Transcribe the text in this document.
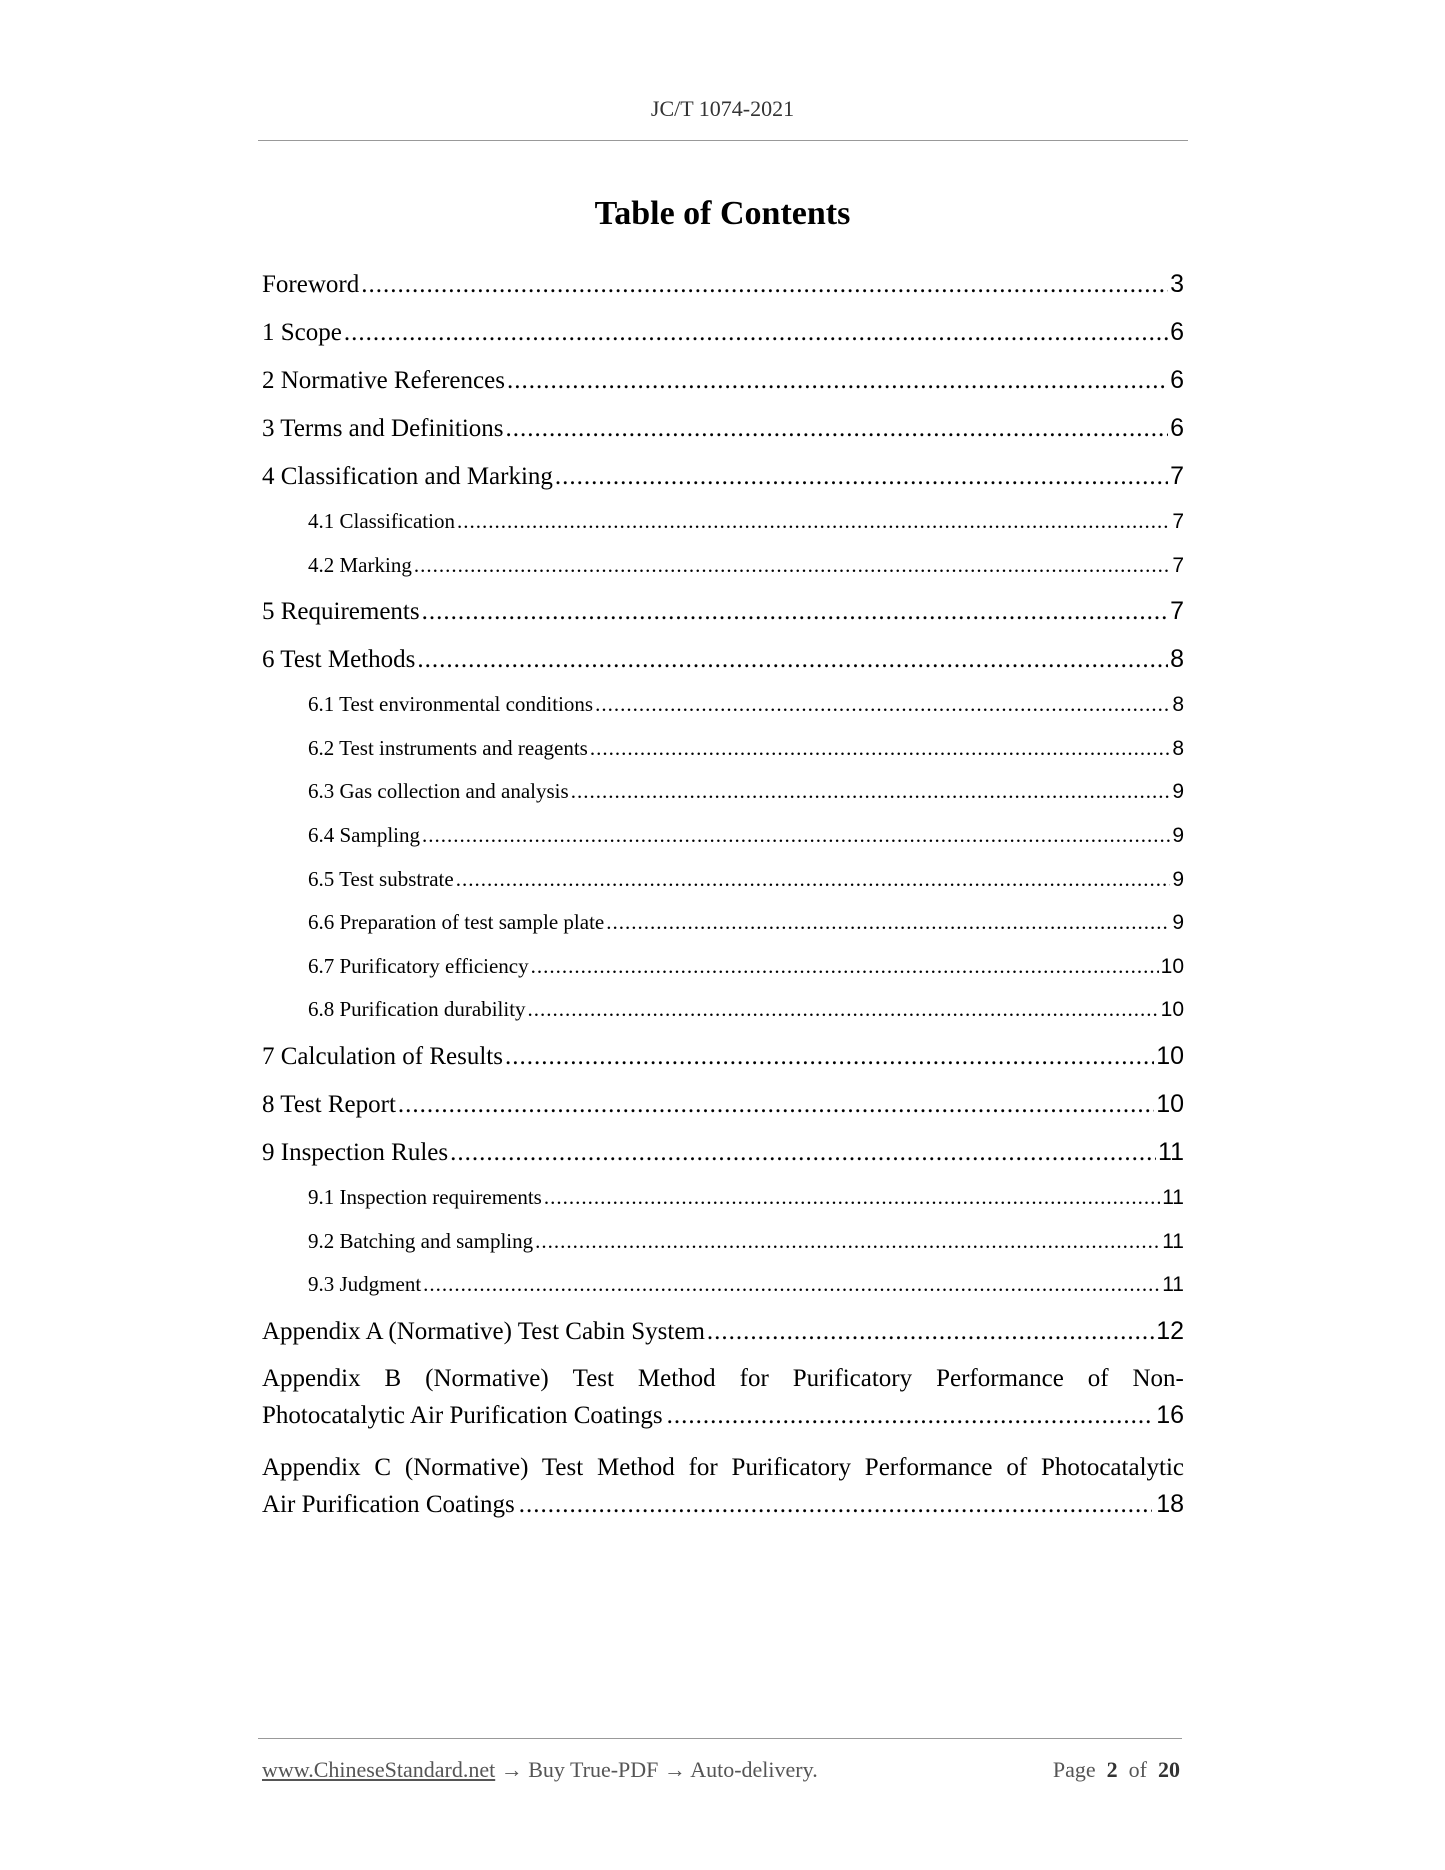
JC/T 1074-2021
Table of Contents
Foreword .....	3
1 Scope .....	6
2 Normative References .....	6
3 Terms and Definitions .....	6
4 Classification and Marking .....	7
4.1 Classification .....	7
4.2 Marking .....	7
5 Requirements .....	7
6 Test Methods .....	8
6.1 Test environmental conditions .....	8
6.2 Test instruments and reagents .....	8
6.3 Gas collection and analysis .....	9
6.4 Sampling .....	9
6.5 Test substrate .....	9
6.6 Preparation of test sample plate .....	9
6.7 Purificatory efficiency .....	10
6.8 Purification durability .....	10
7 Calculation of Results .....	10
8 Test Report .....	10
9 Inspection Rules .....	11
9.1 Inspection requirements .....	11
9.2 Batching and sampling .....	11
9.3 Judgment .....	11
Appendix A (Normative) Test Cabin System .....	12
Appendix B (Normative) Test Method for Purificatory Performance of Non-
Photocatalytic Air Purification Coatings .....	16
Appendix C (Normative) Test Method for Purificatory Performance of Photocatalytic
Air Purification Coatings .....	18
www.ChineseStandard.net → Buy True-PDF → Auto-delivery.	Page 2 of 20
